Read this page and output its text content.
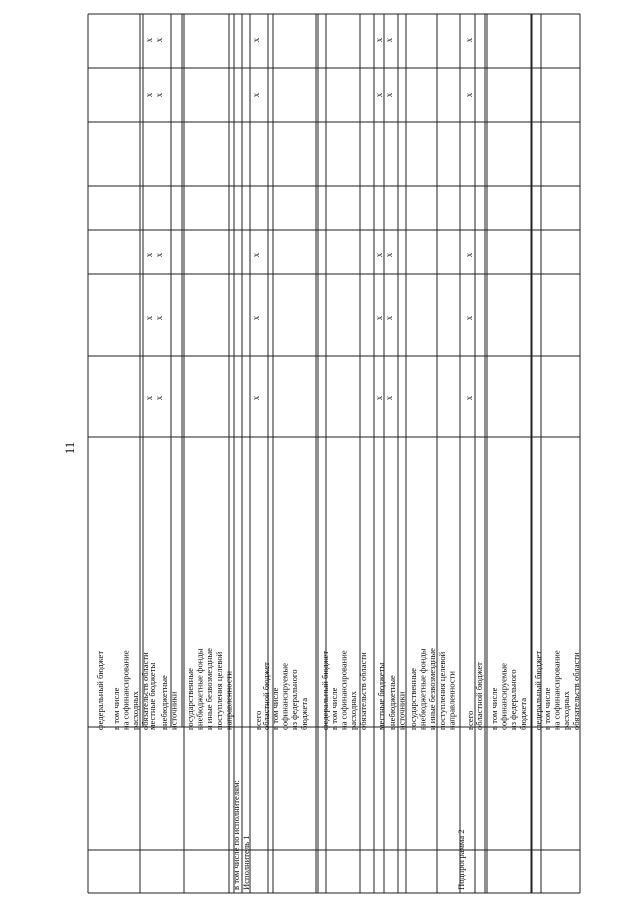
11
федеральный бюджет в том числе на софинансирование расходных обязательств области
местные бюджеты внебюджетные источники государственные внебюджетные фонды и иные безвозмездные поступления целевой направленности
в том числе по исполнителям: Исполнитель 1
всего
областной бюджет в том числе софинансируемые из федерального бюджета федеральный бюджет в том числе на софинансирование расходных обязательств области местные бюджеты внебюджетные источники государственные внебюджетные фонды и иные безвозмездные поступления целевой направленности
Подпрограмма 2
всего областной бюджет в том числе софинансируемые из федерального бюджета федеральный бюджет в том числе на софинансирование расходных обязательств области
х х
х х
х х
х х
х х
х
х
х
х
х
х х
х х
х х
х х
х х
х
х
х
х
х
